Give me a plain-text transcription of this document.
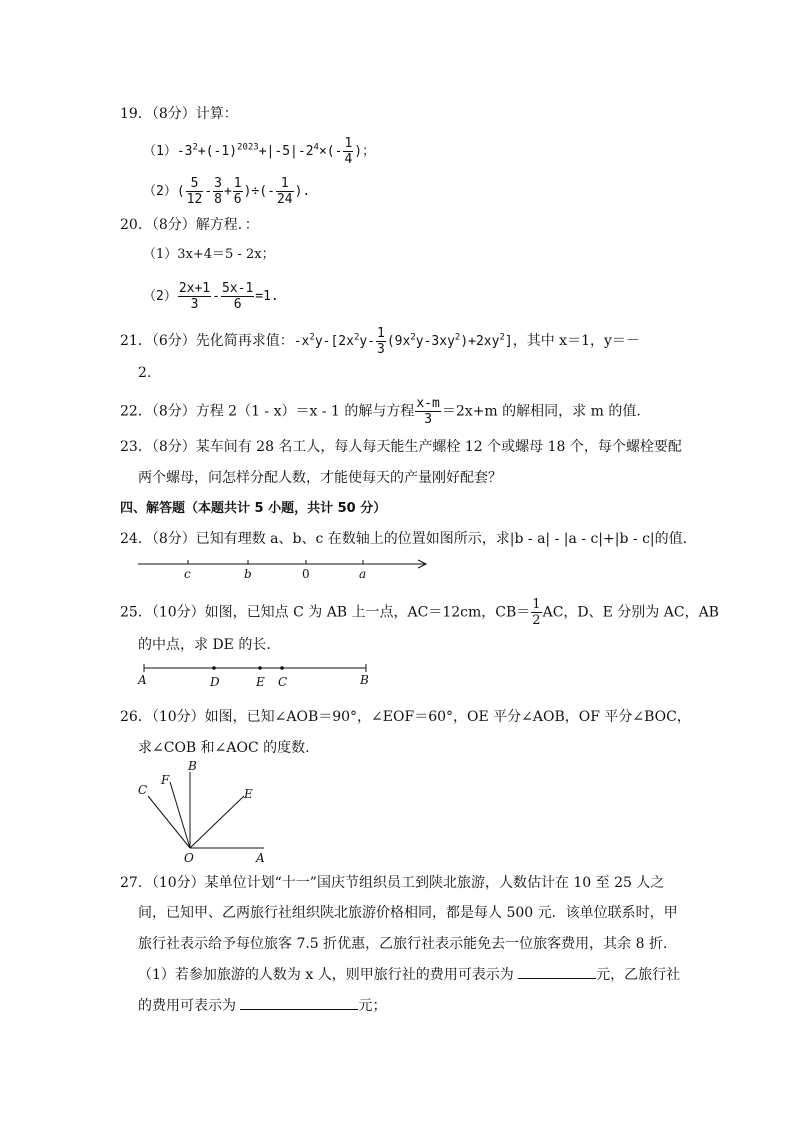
19．（8分）计算：
$(1)-3^2+(-1)^{2023}+|-5|-2^4\times(- \frac{1}{4}$ )；
$(2)( \frac{5}{12} - \frac{3}{8} + \frac{1}{6}$ )÷(- $\frac{1}{24}$ ).
20．（8分）解方程．：
（1）3x+4＝5 - 2x；
$(2) \frac{2x+1}{3} - \frac{5x-1}{6} =1$.
21．（6分）先化简再求值：$-x^2y-[2x^2y- \frac{1}{3} (9x^2y-3xy^2)+2xy^2]$，其中 x＝1，y＝－
2.
22．（8分）方程 2（1 - x）＝x - 1 的解与方程 $\frac{x-m}{3} =2x+m$ 的解相同，求 m 的值.
23．（8分）某车间有 28 名工人，每人每天能生产螺栓 12 个或螺母 18 个，每个螺栓要配
两个螺母，问怎样分配人数，才能使每天的产量刚好配套？
四、解答题（本题共计 5 小题，共计 50 分）
24．（8分）已知有理数 a、b、c 在数轴上的位置如图所示，求|b - a| - |a - c|+|b - c|的值.
c	b	0	a
25．（10分）如图，已知点 C 为 AB 上一点，AC＝12cm，$CB= \frac{1}{2}$ AC，D、E 分别为 AC，AB
的中点，求 DE 的长.
A	D	E C	B
26．（10分）如图，已知∠AOB＝90°，∠EOF＝60°，OE 平分∠AOB，OF 平分∠BOC，
求∠COB 和∠AOC 的度数.
B
F
C	E
O	A
27．（10分）某单位计划“十一”国庆节组织员工到陕北旅游，人数估计在 10 至 25 人之
间，已知甲、乙两旅行社组织陕北旅游价格相同，都是每人 500 元．该单位联系时，甲
旅行社表示给予每位旅客 7.5 折优惠，乙旅行社表示能免去一位旅客费用，其余 8 折．
（1）若参加旅游的人数为 x 人，则甲旅行社的费用可表示为	元，乙旅行社
的费用可表示为	元；
